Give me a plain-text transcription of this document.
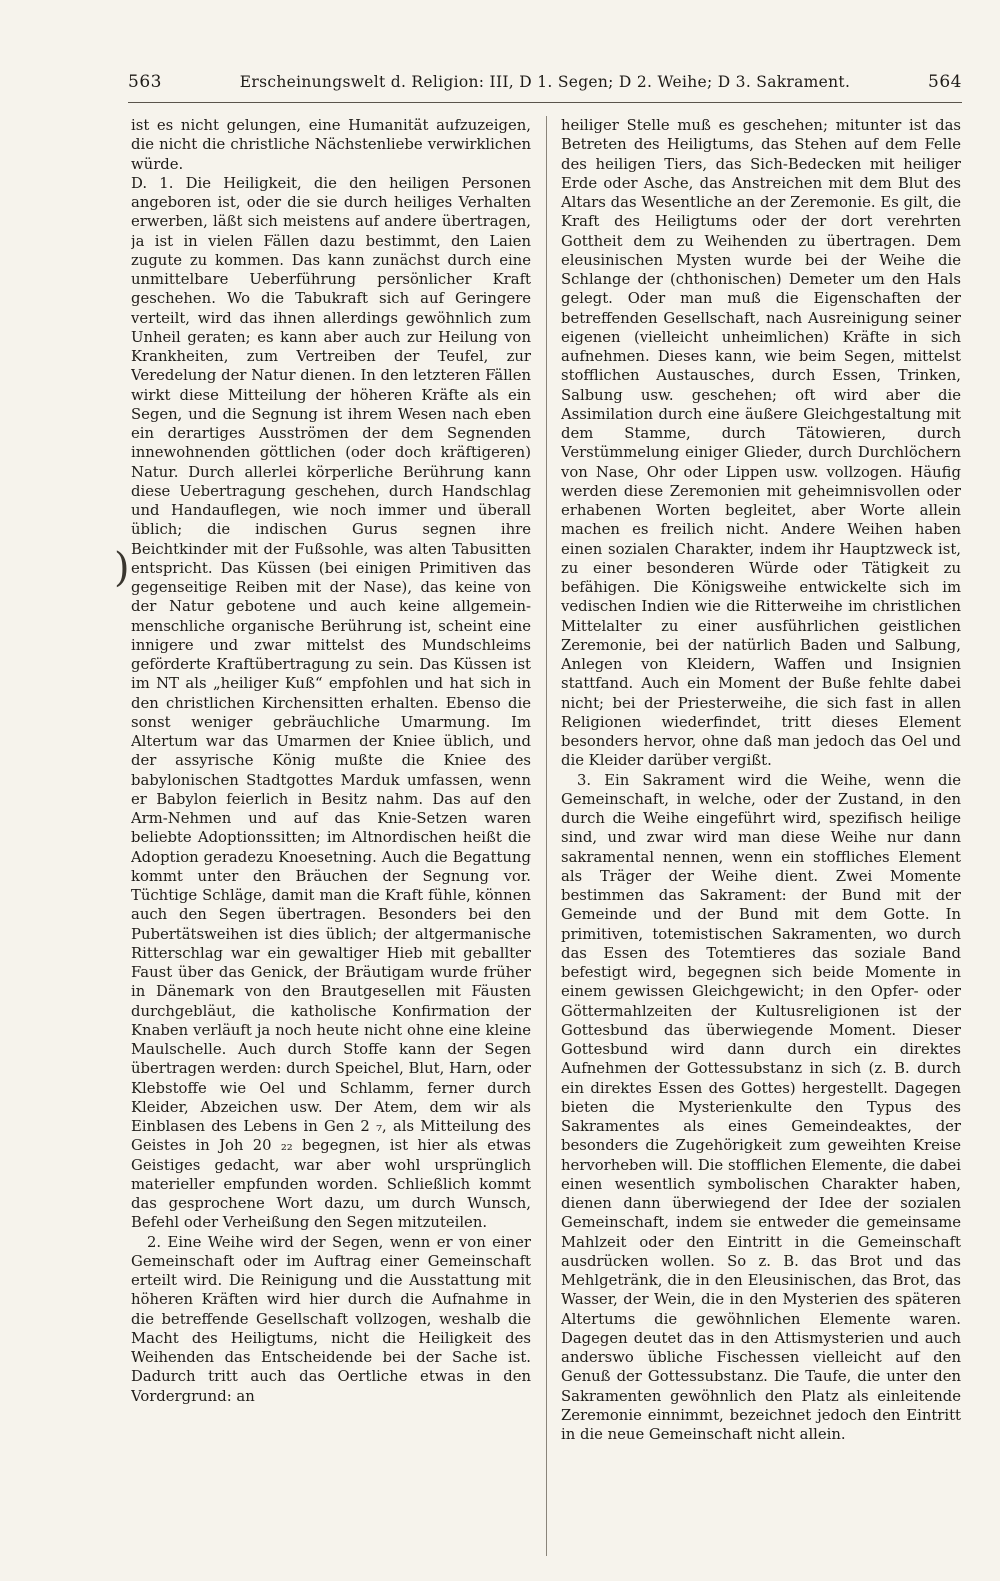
563	Erscheinungswelt d. Religion: III, D 1. Segen; D 2. Weihe; D 3. Sakrament.	564
)

ist es nicht gelungen, eine Humanität aufzuzeigen, die nicht die christliche Nächstenliebe verwirklichen würde.

D. 1. Die Heiligkeit, die den heiligen Personen angeboren ist, oder die sie durch heiliges Verhalten erwerben, läßt sich meistens auf andere übertragen, ja ist in vielen Fällen dazu bestimmt, den Laien zugute zu kommen. Das kann zunächst durch eine unmittelbare Ueberführung persönlicher Kraft geschehen. Wo die Tabukraft sich auf Geringere verteilt, wird das ihnen allerdings gewöhnlich zum Unheil geraten; es kann aber auch zur Heilung von Krankheiten, zum Vertreiben der Teufel, zur Veredelung der Natur dienen. In den letzteren Fällen wirkt diese Mitteilung der höheren Kräfte als ein Segen, und die Segnung ist ihrem Wesen nach eben ein derartiges Ausströmen der dem Segnenden innewohnenden göttlichen (oder doch kräftigeren) Natur. Durch allerlei körperliche Berührung kann diese Uebertragung geschehen, durch Handschlag und Handauflegen, wie noch immer und überall üblich; die indischen Gurus segnen ihre Beichtkinder mit der Fußsohle, was alten Tabusitten entspricht. Das Küssen (bei einigen Primitiven das gegenseitige Reiben mit der Nase), das keine von der Natur gebotene und auch keine allgemein-menschliche organische Berührung ist, scheint eine innigere und zwar mittelst des Mundschleims geförderte Kraftübertragung zu sein. Das Küssen ist im NT als „heiliger Kuß“ empfohlen und hat sich in den christlichen Kirchensitten erhalten. Ebenso die sonst weniger gebräuchliche Umarmung. Im Altertum war das Umarmen der Kniee üblich, und der assyrische König mußte die Kniee des babylonischen Stadtgottes Marduk umfassen, wenn er Babylon feierlich in Besitz nahm. Das auf den Arm-Nehmen und auf das Knie-Setzen waren beliebte Adoptionssitten; im Altnordischen heißt die Adoption geradezu Knoesetning. Auch die Begattung kommt unter den Bräuchen der Segnung vor. Tüchtige Schläge, damit man die Kraft fühle, können auch den Segen übertragen. Besonders bei den Pubertätsweihen ist dies üblich; der altgermanische Ritterschlag war ein gewaltiger Hieb mit geballter Faust über das Genick, der Bräutigam wurde früher in Dänemark von den Brautgesellen mit Fäusten durchgebläut, die katholische Konfirmation der Knaben verläuft ja noch heute nicht ohne eine kleine Maulschelle. Auch durch Stoffe kann der Segen übertragen werden: durch Speichel, Blut, Harn, oder Klebstoffe wie Oel und Schlamm, ferner durch Kleider, Abzeichen usw. Der Atem, dem wir als Einblasen des Lebens in Gen 2 ₇, als Mitteilung des Geistes in Joh 20 ₂₂ begegnen, ist hier als etwas Geistiges gedacht, war aber wohl ursprünglich materieller empfunden worden. Schließlich kommt das gesprochene Wort dazu, um durch Wunsch, Befehl oder Verheißung den Segen mitzuteilen.

2. Eine Weihe wird der Segen, wenn er von einer Gemeinschaft oder im Auftrag einer Gemeinschaft erteilt wird. Die Reinigung und die Ausstattung mit höheren Kräften wird hier durch die Aufnahme in die betreffende Gesellschaft vollzogen, weshalb die Macht des Heiligtums, nicht die Heiligkeit des Weihenden das Entscheidende bei der Sache ist. Dadurch tritt auch das Oertliche etwas in den Vordergrund: an

heiliger Stelle muß es geschehen; mitunter ist das Betreten des Heiligtums, das Stehen auf dem Felle des heiligen Tiers, das Sich-Bedecken mit heiliger Erde oder Asche, das Anstreichen mit dem Blut des Altars das Wesentliche an der Zeremonie. Es gilt, die Kraft des Heiligtums oder der dort verehrten Gottheit dem zu Weihenden zu übertragen. Dem eleusinischen Mysten wurde bei der Weihe die Schlange der (chthonischen) Demeter um den Hals gelegt. Oder man muß die Eigenschaften der betreffenden Gesellschaft, nach Ausreinigung seiner eigenen (vielleicht unheimlichen) Kräfte in sich aufnehmen. Dieses kann, wie beim Segen, mittelst stofflichen Austausches, durch Essen, Trinken, Salbung usw. geschehen; oft wird aber die Assimilation durch eine äußere Gleichgestaltung mit dem Stamme, durch Tätowieren, durch Verstümmelung einiger Glieder, durch Durchlöchern von Nase, Ohr oder Lippen usw. vollzogen. Häufig werden diese Zeremonien mit geheimnisvollen oder erhabenen Worten begleitet, aber Worte allein machen es freilich nicht. Andere Weihen haben einen sozialen Charakter, indem ihr Hauptzweck ist, zu einer besonderen Würde oder Tätigkeit zu befähigen. Die Königsweihe entwickelte sich im vedischen Indien wie die Ritterweihe im christlichen Mittelalter zu einer ausführlichen geistlichen Zeremonie, bei der natürlich Baden und Salbung, Anlegen von Kleidern, Waffen und Insignien stattfand. Auch ein Moment der Buße fehlte dabei nicht; bei der Priesterweihe, die sich fast in allen Religionen wiederfindet, tritt dieses Element besonders hervor, ohne daß man jedoch das Oel und die Kleider darüber vergißt.

3. Ein Sakrament wird die Weihe, wenn die Gemeinschaft, in welche, oder der Zustand, in den durch die Weihe eingeführt wird, spezifisch heilige sind, und zwar wird man diese Weihe nur dann sakramental nennen, wenn ein stoffliches Element als Träger der Weihe dient. Zwei Momente bestimmen das Sakrament: der Bund mit der Gemeinde und der Bund mit dem Gotte. In primitiven, totemistischen Sakramenten, wo durch das Essen des Totemtieres das soziale Band befestigt wird, begegnen sich beide Momente in einem gewissen Gleichgewicht; in den Opfer- oder Göttermahlzeiten der Kultusreligionen ist der Gottesbund das überwiegende Moment. Dieser Gottesbund wird dann durch ein direktes Aufnehmen der Gottessubstanz in sich (z. B. durch ein direktes Essen des Gottes) hergestellt. Dagegen bieten die Mysterienkulte den Typus des Sakramentes als eines Gemeindeaktes, der besonders die Zugehörigkeit zum geweihten Kreise hervorheben will. Die stofflichen Elemente, die dabei einen wesentlich symbolischen Charakter haben, dienen dann überwiegend der Idee der sozialen Gemeinschaft, indem sie entweder die gemeinsame Mahlzeit oder den Eintritt in die Gemeinschaft ausdrücken wollen. So z. B. das Brot und das Mehlgetränk, die in den Eleusinischen, das Brot, das Wasser, der Wein, die in den Mysterien des späteren Altertums die gewöhnlichen Elemente waren. Dagegen deutet das in den Attismysterien und auch anderswo übliche Fischessen vielleicht auf den Genuß der Gottessubstanz. Die Taufe, die unter den Sakramenten gewöhnlich den Platz als einleitende Zeremonie einnimmt, bezeichnet jedoch den Eintritt in die neue Gemeinschaft nicht allein.
